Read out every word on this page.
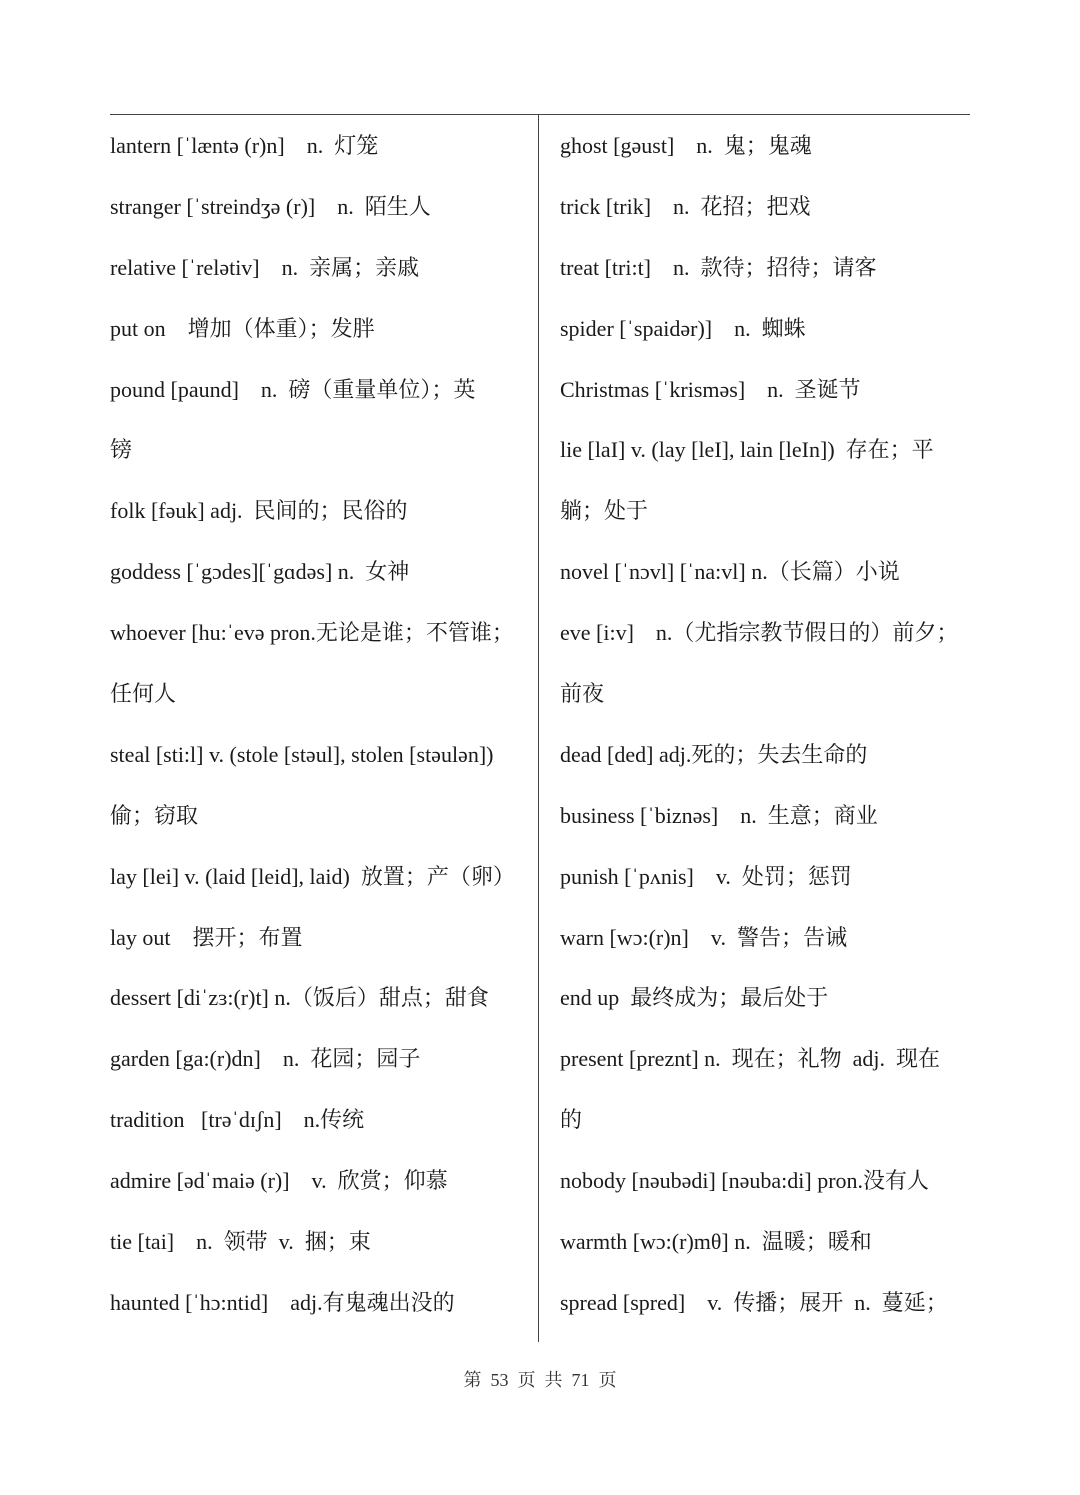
lantern [ˈlæntə (r)n]    n.  灯笼
stranger [ˈstreindʒə (r)]    n.  陌生人
relative [ˈrelətiv]    n.  亲属；亲戚
put on    增加（体重）；发胖
pound [paund]    n.  磅（重量单位）；英
镑
folk [fəuk] adj.  民间的；民俗的
goddess [ˈgɔdes][ˈgɑdəs] n.  女神
whoever [hu:ˈevə pron.无论是谁；不管谁；
任何人
steal [sti:l] v. (stole [stəul], stolen [stəulən])
偷；窃取
lay [lei] v. (laid [leid], laid)  放置；产（卵）
lay out    摆开；布置
dessert [diˈzɜ:(r)t] n.（饭后）甜点；甜食
garden [ga:(r)dn]    n.  花园；园子
tradition   [trəˈdɪʃn]    n.传统
admire [ədˈmaiə (r)]    v.  欣赏；仰慕
tie [tai]    n.  领带  v.  捆；束
haunted [ˈhɔ:ntid]    adj.有鬼魂出没的
ghost [gəust]    n.  鬼；鬼魂
trick [trik]    n.  花招；把戏
treat [tri:t]    n.  款待；招待；请客
spider [ˈspaidər)]    n.  蜘蛛
Christmas [ˈkrisməs]    n.  圣诞节
lie [laI] v. (lay [leI], lain [leIn])  存在；平
躺；处于
novel [ˈnɔvl] [ˈna:vl] n.（长篇）小说
eve [i:v]    n.（尤指宗教节假日的）前夕；
前夜
dead [ded] adj.死的；失去生命的
business [ˈbiznəs]    n.  生意；商业
punish [ˈpʌnis]    v.  处罚；惩罚
warn [wɔ:(r)n]    v.  警告；告诫
end up  最终成为；最后处于
present [preznt] n.  现在；礼物  adj.  现在
的
nobody [nəubədi] [nəuba:di] pron.没有人
warmth [wɔ:(r)mθ] n.  温暖；暖和
spread [spred]    v.  传播；展开  n.  蔓延；
第  53  页  共  71  页
